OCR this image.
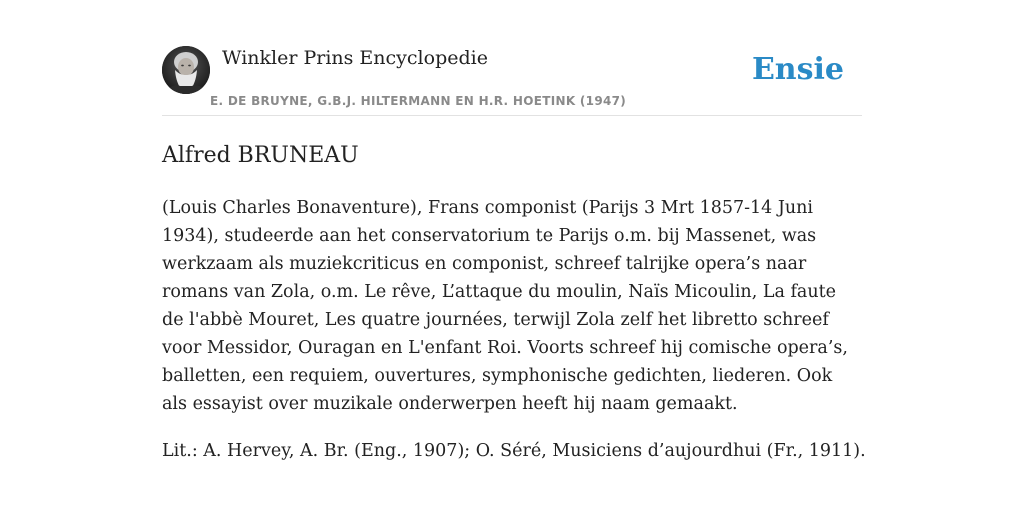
Winkler Prins Encyclopedie
E. DE BRUYNE, G.B.J. HILTERMANN EN H.R. HOETINK (1947)
Ensie
Alfred BRUNEAU

(Louis Charles Bonaventure), Frans componist (Parijs 3 Mrt 1857-14 Juni 1934), studeerde aan het conservatorium te Parijs o.m. bij Massenet, was werkzaam als muziekcriticus en componist, schreef talrijke opera’s naar romans van Zola, o.m. Le rêve, L’attaque du moulin, Naïs Micoulin, La faute de l'abbè Mouret, Les quatre journées, terwijl Zola zelf het libretto schreef voor Messidor, Ouragan en L'enfant Roi. Voorts schreef hij comische opera’s, balletten, een requiem, ouvertures, symphonische gedichten, liederen. Ook als essayist over muzikale onderwerpen heeft hij naam gemaakt.

Lit.: A. Hervey, A. Br. (Eng., 1907); O. Séré, Musiciens d’aujourdhui (Fr., 1911).
